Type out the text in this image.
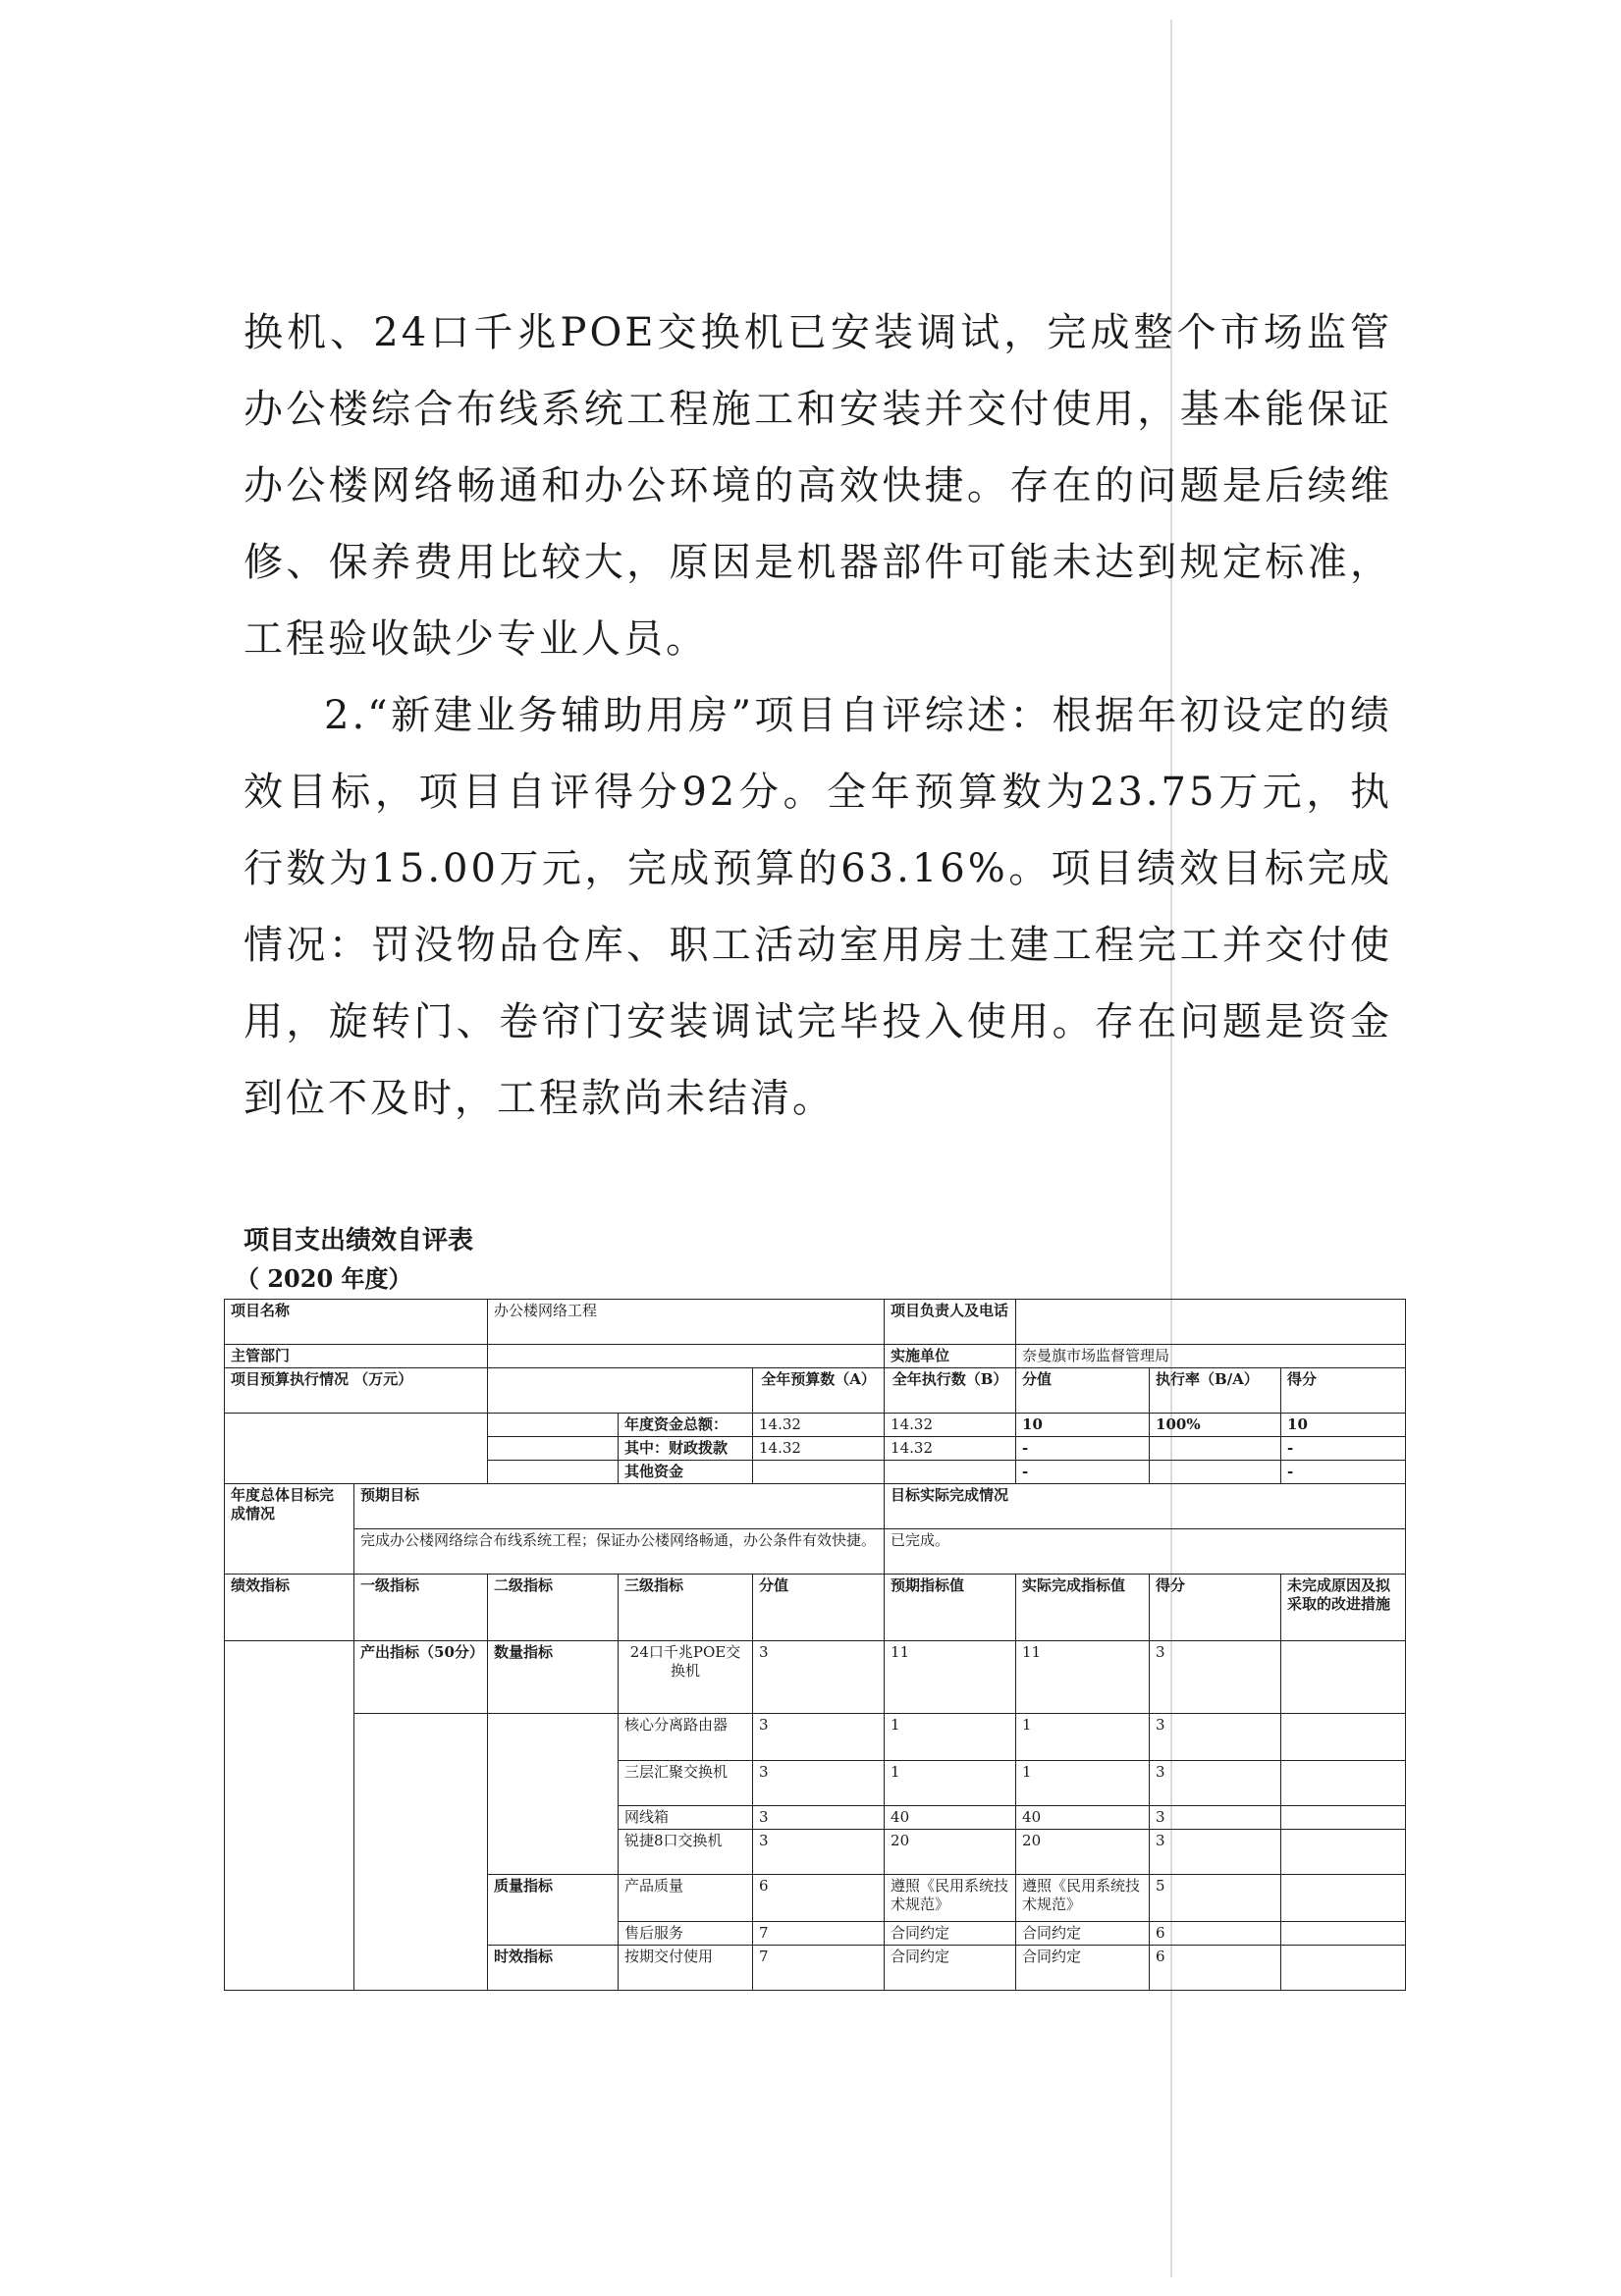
换机、24口千兆POE交换机已安装调试，完成整个市场监管办公楼综合布线系统工程施工和安装并交付使用，基本能保证办公楼网络畅通和办公环境的高效快捷。存在的问题是后续维修、保养费用比较大，原因是机器部件可能未达到规定标准，工程验收缺少专业人员。

2.“新建业务辅助用房”项目自评综述：根据年初设定的绩效目标，项目自评得分92分。全年预算数为23.75万元，执行数为15.00万元，完成预算的63.16%。项目绩效目标完成情况：罚没物品仓库、职工活动室用房土建工程完工并交付使用，旋转门、卷帘门安装调试完毕投入使用。存在问题是资金到位不及时，工程款尚未结清。

项目支出绩效自评表
（ 2020 年度）
项目名称		办公楼网络工程			项目负责人及电话			
主管部门					实施单位	奈曼旗市场监督管理局		
项目预算执行情况 （万元）				全年预算数（A）	全年执行数（B）	分值	执行率（B/A）	得分
			年度资金总额：	14.32	14.32	10	100%	10
			其中：财政拨款	14.32	14.32	-		-
			其他资金			-		-
年度总体目标完成情况	预期目标				目标实际完成情况			
	完成办公楼网络综合布线系统工程；保证办公楼网络畅通，办公条件有效快捷。				已完成。			
绩效指标	一级指标	二级指标	三级指标	分值	预期指标值	实际完成指标值	得分	未完成原因及拟采取的改进措施
	产出指标（50分）	数量指标	24口千兆POE交换机	3	11	11	3	
			核心分离路由器	3	1	1	3	
			三层汇聚交换机	3	1	1	3	
			网线箱	3	40	40	3	
			锐捷8口交换机	3	20	20	3	
		质量指标	产品质量	6	遵照《民用系统技术规范》	遵照《民用系统技术规范》	5	
			售后服务	7	合同约定	合同约定	6	
		时效指标	按期交付使用	7	合同约定	合同约定	6	
